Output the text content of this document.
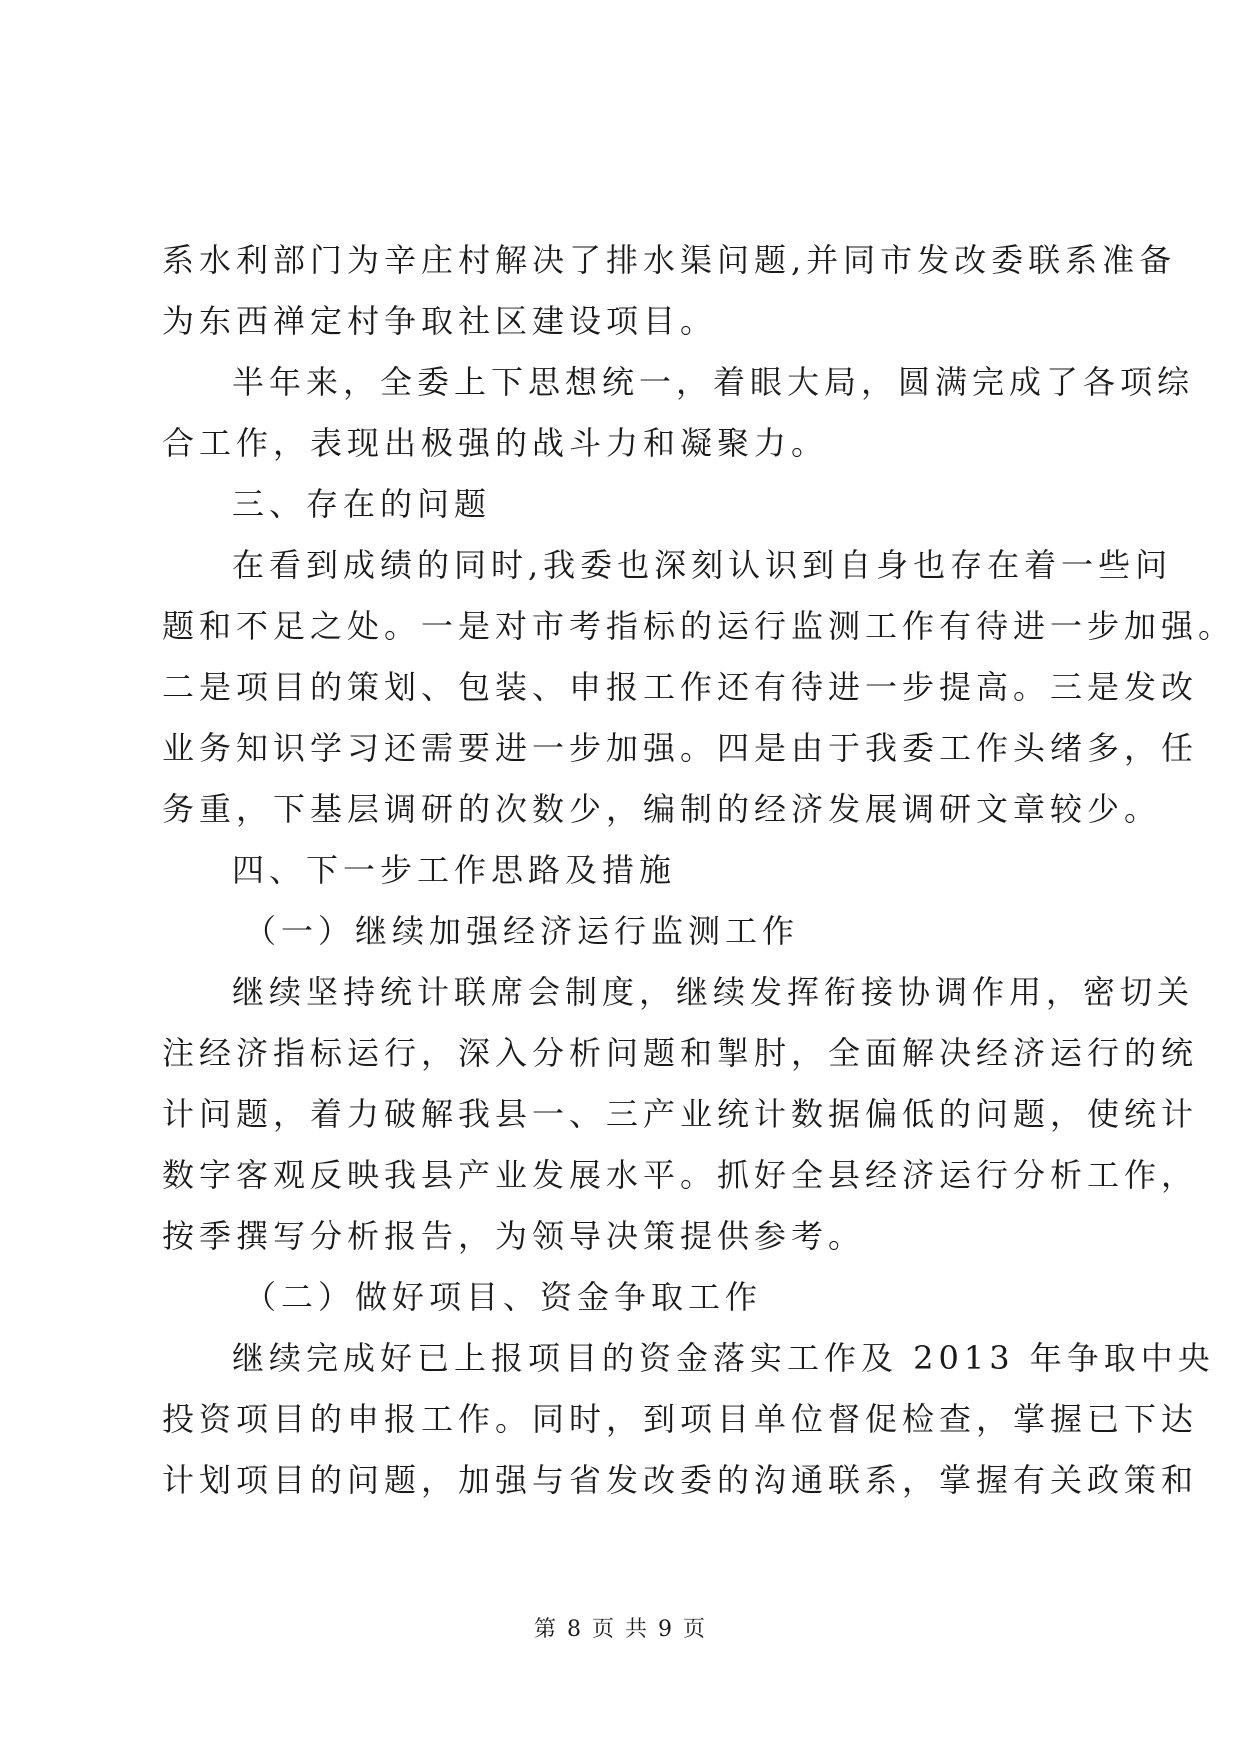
系水利部门为辛庄村解决了排水渠问题,并同市发改委联系准备
为东西禅定村争取社区建设项目。
半年来，全委上下思想统一，着眼大局，圆满完成了各项综
合工作，表现出极强的战斗力和凝聚力。
三、存在的问题
在看到成绩的同时,我委也深刻认识到自身也存在着一些问
题和不足之处。一是对市考指标的运行监测工作有待进一步加强。
二是项目的策划、包装、申报工作还有待进一步提高。三是发改
业务知识学习还需要进一步加强。四是由于我委工作头绪多，任
务重，下基层调研的次数少，编制的经济发展调研文章较少。
四、下一步工作思路及措施
（一）继续加强经济运行监测工作
继续坚持统计联席会制度，继续发挥衔接协调作用，密切关
注经济指标运行，深入分析问题和掣肘，全面解决经济运行的统
计问题，着力破解我县一、三产业统计数据偏低的问题，使统计
数字客观反映我县产业发展水平。抓好全县经济运行分析工作，
按季撰写分析报告，为领导决策提供参考。
（二）做好项目、资金争取工作
继续完成好已上报项目的资金落实工作及 2013 年争取中央
投资项目的申报工作。同时，到项目单位督促检查，掌握已下达
计划项目的问题，加强与省发改委的沟通联系，掌握有关政策和
第 8 页 共 9 页
